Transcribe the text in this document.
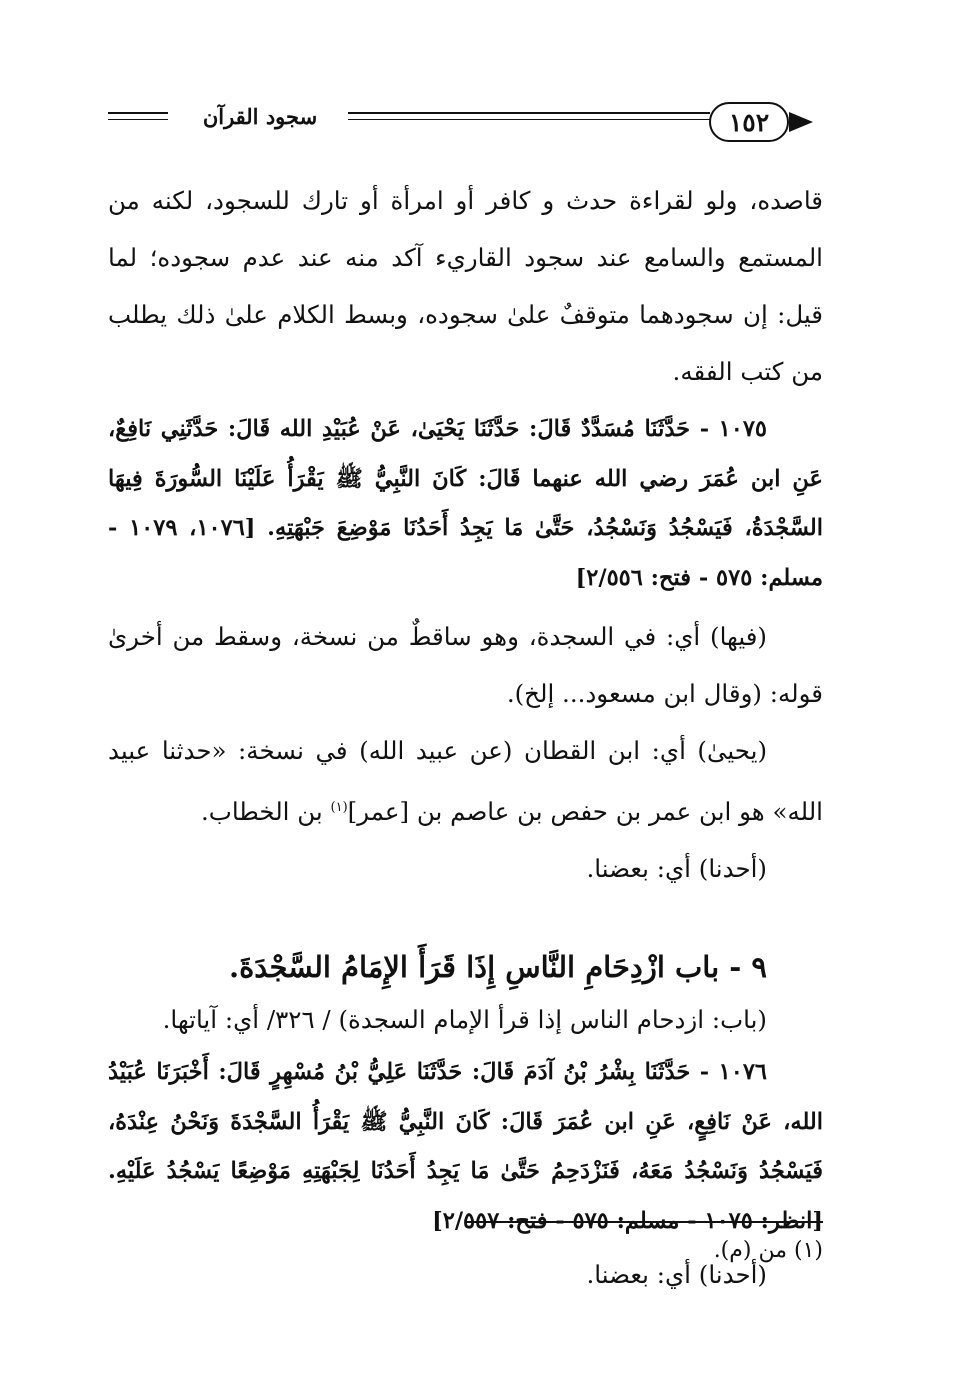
سجود القرآن	١٥٢

قاصده، ولو لقراءة حدث و كافر أو امرأة أو تارك للسجود، لكنه من المستمع والسامع عند سجود القاريء آكد منه عند عدم سجوده؛ لما قيل: إن سجودهما متوقفٌ علىٰ سجوده، وبسط الكلام علىٰ ذلك يطلب من كتب الفقه.

١٠٧٥ - حَدَّثَنَا مُسَدَّدٌ قَالَ: حَدَّثَنَا يَحْيَىٰ، عَنْ عُبَيْدِ الله قَالَ: حَدَّثَنِي نَافِعٌ، عَنِ ابن عُمَرَ رضي الله عنهما قَالَ: كَانَ النَّبِيُّ ﷺ يَقْرَأُ عَلَيْنَا السُّورَةَ فِيهَا السَّجْدَةُ، فَيَسْجُدُ وَنَسْجُدُ، حَتَّىٰ مَا يَجِدُ أَحَدُنَا مَوْضِعَ جَبْهَتِهِ. [١٠٧٦، ١٠٧٩ - مسلم: ٥٧٥ - فتح: ٢/٥٥٦]

(فيها) أي: في السجدة، وهو ساقطٌ من نسخة، وسقط من أخرىٰ قوله: (وقال ابن مسعود... إلخ).

(يحيىٰ) أي: ابن القطان (عن عبيد الله) في نسخة: «حدثنا عبيد الله» هو ابن عمر بن حفص بن عاصم بن [عمر]$^{(١)}$ بن الخطاب.

(أحدنا) أي: بعضنا.

٩ - باب ازْدِحَامِ النَّاسِ إِذَا قَرَأَ الإِمَامُ السَّجْدَةَ.

(باب: ازدحام الناس إذا قرأ الإمام السجدة) / ٣٢٦/ أي: آياتها.

١٠٧٦ - حَدَّثَنَا بِشْرُ بْنُ آدَمَ قَالَ: حَدَّثَنَا عَلِيُّ بْنُ مُسْهِرٍ قَالَ: أَخْبَرَنَا عُبَيْدُ الله، عَنْ نَافِعٍ، عَنِ ابن عُمَرَ قَالَ: كَانَ النَّبِيُّ ﷺ يَقْرَأُ السَّجْدَةَ وَنَحْنُ عِنْدَهُ، فَيَسْجُدُ وَنَسْجُدُ مَعَهُ، فَنَزْدَحِمُ حَتَّىٰ مَا يَجِدُ أَحَدُنَا لِجَبْهَتِهِ مَوْضِعًا يَسْجُدُ عَلَيْهِ. [انظر: ١٠٧٥ - مسلم: ٥٧٥ - فتح: ٢/٥٥٧]

(أحدنا) أي: بعضنا.

(١) من (م).
